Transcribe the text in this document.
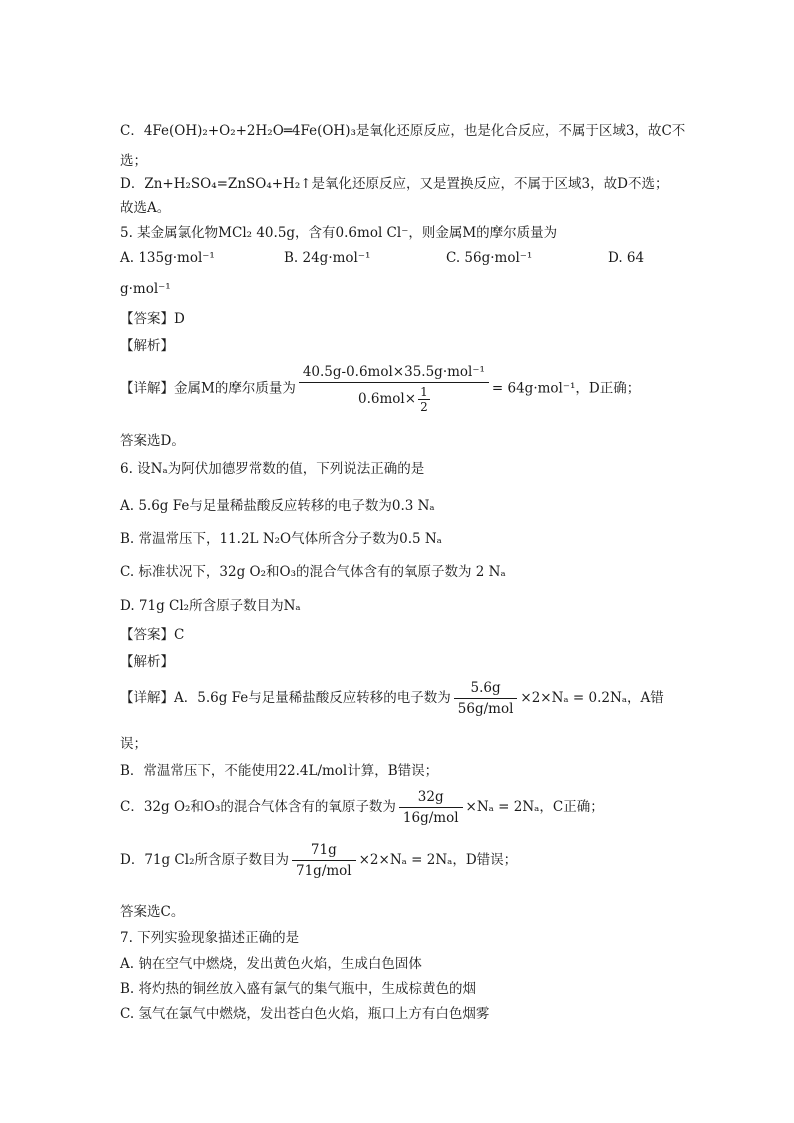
C．4Fe(OH)₂+O₂+2H₂O═4Fe(OH)₃是氧化还原反应，也是化合反应，不属于区域3，故C不
选；
D．Zn+H₂SO₄=ZnSO₄+H₂↑是氧化还原反应，又是置换反应，不属于区域3，故D不选；
故选A。
5. 某金属氯化物MCl₂ 40.5g，含有0.6mol Cl⁻，则金属M的摩尔质量为
A. 135g·mol⁻¹	B. 24g·mol⁻¹	C. 56g·mol⁻¹	D. 64
g·mol⁻¹
【答案】D
【解析】
【详解】金属M的摩尔质量为 $\frac{\text{40.5g-0.6mol×35.5g·mol⁻¹}}{0.6mol\times \frac{1}{2}} = 64g\cdot mol^{-1}$，D正确；
答案选D。
6. 设Nₐ为阿伏加德罗常数的值，下列说法正确的是
A. 5.6g Fe与足量稀盐酸反应转移的电子数为0.3 Nₐ
B. 常温常压下，11.2L N₂O气体所含分子数为0.5 Nₐ
C. 标准状况下，32g O₂和O₃的混合气体含有的氧原子数为 2 Nₐ
D. 71g Cl₂所含原子数目为Nₐ
【答案】C
【解析】
【详解】A．5.6g Fe与足量稀盐酸反应转移的电子数为 $\frac{5.6g}{\text{56g/mol}} \times 2\times N_a = 0.2N_a$，A错
误；
B．常温常压下，不能使用22.4L/mol计算，B错误；
C．32g O₂和O₃的混合气体含有的氧原子数为 $\frac{32g}{\text{16g/mol}} \times N_a = 2N_a$，C正确；
D．71g Cl₂所含原子数目为 $\frac{71g}{\text{71g/mol}} \times 2\times N_a = 2N_a$，D错误；
答案选C。
7. 下列实验现象描述正确的是
A. 钠在空气中燃烧，发出黄色火焰，生成白色固体
B. 将灼热的铜丝放入盛有氯气的集气瓶中，生成棕黄色的烟
C. 氢气在氯气中燃烧，发出苍白色火焰，瓶口上方有白色烟雾
